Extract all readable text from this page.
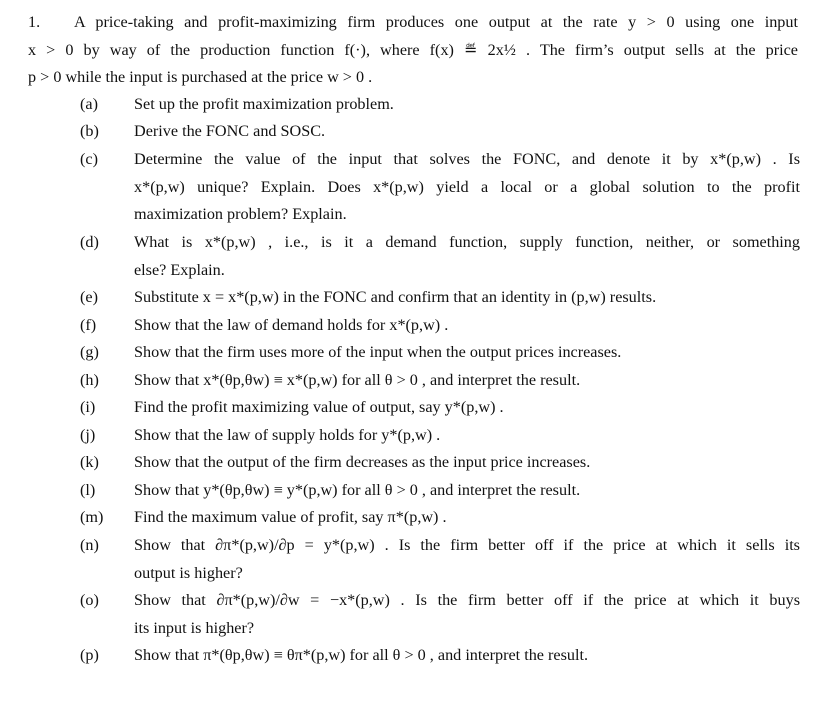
1. A price-taking and profit-maximizing firm produces one output at the rate y > 0 using one input
x > 0 by way of the production function f(·), where f(x) ≝ 2x½ . The firm’s output sells at the price
p > 0 while the input is purchased at the price w > 0 .
(a)	Set up the profit maximization problem.
(b)	Derive the FONC and SOSC.
(c)	Determine the value of the input that solves the FONC, and denote it by x*(p,w) . Is
x*(p,w) unique? Explain. Does x*(p,w) yield a local or a global solution to the profit
maximization problem? Explain.
(d)	What is x*(p,w) , i.e., is it a demand function, supply function, neither, or something
else? Explain.
(e)	Substitute x = x*(p,w) in the FONC and confirm that an identity in (p,w) results.
(f)	Show that the law of demand holds for x*(p,w) .
(g)	Show that the firm uses more of the input when the output prices increases.
(h)	Show that x*(θp,θw) ≡ x*(p,w) for all θ > 0 , and interpret the result.
(i)	Find the profit maximizing value of output, say y*(p,w) .
(j)	Show that the law of supply holds for y*(p,w) .
(k)	Show that the output of the firm decreases as the input price increases.
(l)	Show that y*(θp,θw) ≡ y*(p,w) for all θ > 0 , and interpret the result.
(m)	Find the maximum value of profit, say π*(p,w) .
(n)	Show that ∂π*(p,w)/∂p = y*(p,w) . Is the firm better off if the price at which it sells its
output is higher?
(o)	Show that ∂π*(p,w)/∂w = −x*(p,w) . Is the firm better off if the price at which it buys
its input is higher?
(p)	Show that π*(θp,θw) ≡ θπ*(p,w) for all θ > 0 , and interpret the result.
